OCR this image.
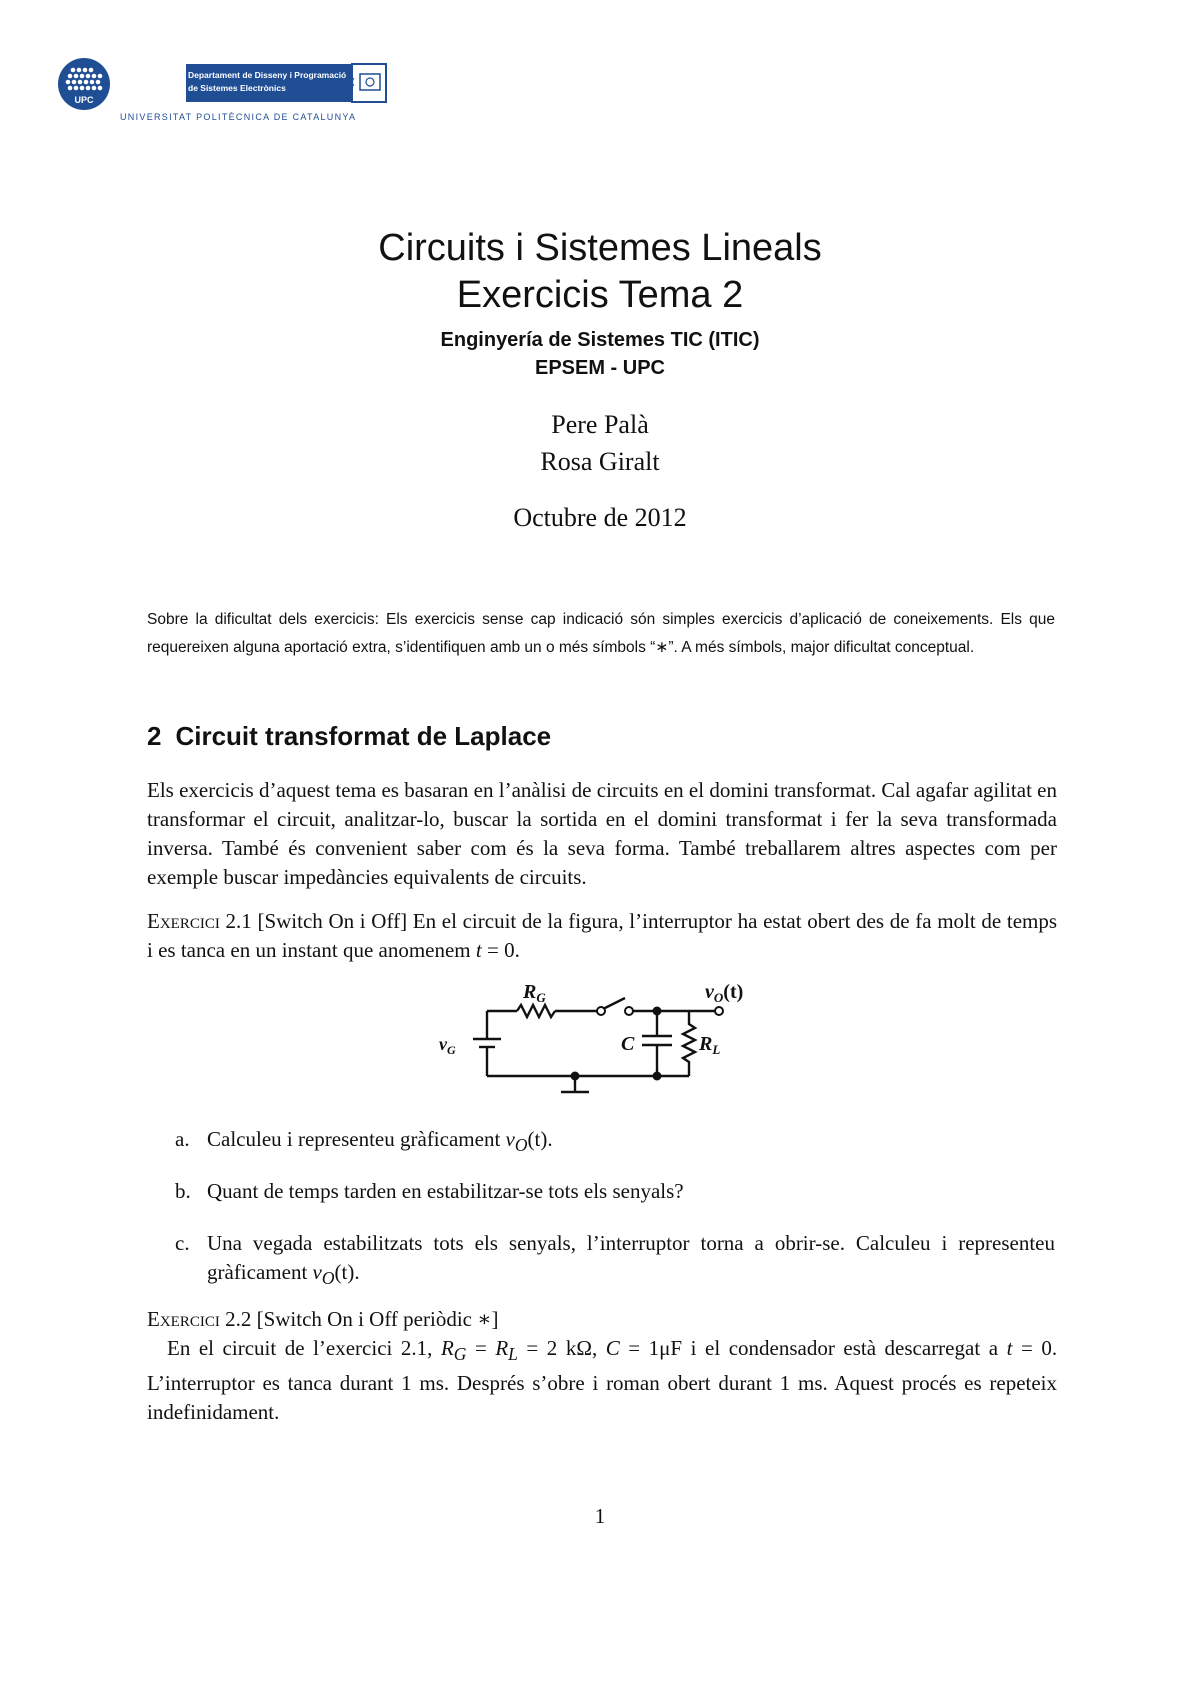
UPC
Departament de Disseny i Programació
de Sistemes Electrònics
UNIVERSITAT POLITÈCNICA DE CATALUNYA
Circuits i Sistemes Lineals
Exercicis Tema 2
Enginyería de Sistemes TIC (ITIC)
EPSEM - UPC
Pere Palà
Rosa Giralt
Octubre de 2012
Sobre la dificultat dels exercicis: Els exercicis sense cap indicació són simples exercicis d’aplicació de coneixements. Els que requereixen alguna aportació extra, s’identifiquen amb un o més símbols “∗”. A més símbols, major dificultat conceptual.
2 Circuit transformat de Laplace
Els exercicis d’aquest tema es basaran en l’anàlisi de circuits en el domini transformat. Cal agafar agilitat en transformar el circuit, analitzar-lo, buscar la sortida en el domini transformat i fer la seva transformada inversa. També és convenient saber com és la seva forma. També treballarem altres aspectes com per exemple buscar impedàncies equivalents de circuits.
Exercici 2.1 [Switch On i Off] En el circuit de la figura, l’interruptor ha estat obert des de fa molt de temps i es tanca en un instant que anomenem t = 0.
$v_G$
$R_G$
C	$R_L$
$v_O(t)$
a. Calculeu i representeu gràficament $v_O(t)$.
b. Quant de temps tarden en estabilitzar-se tots els senyals?
c. Una vegada estabilitzats tots els senyals, l’interruptor torna a obrir-se. Calculeu i representeu gràficament $v_O(t)$.
Exercici 2.2 [Switch On i Off periòdic ∗]
En el circuit de l’exercici 2.1, $R_G = R_L = 2$ kΩ, C = 1μF i el condensador està descarregat a t = 0. L’interruptor es tanca durant 1 ms. Després s’obre i roman obert durant 1 ms. Aquest procés es repeteix indefinidament.
1
